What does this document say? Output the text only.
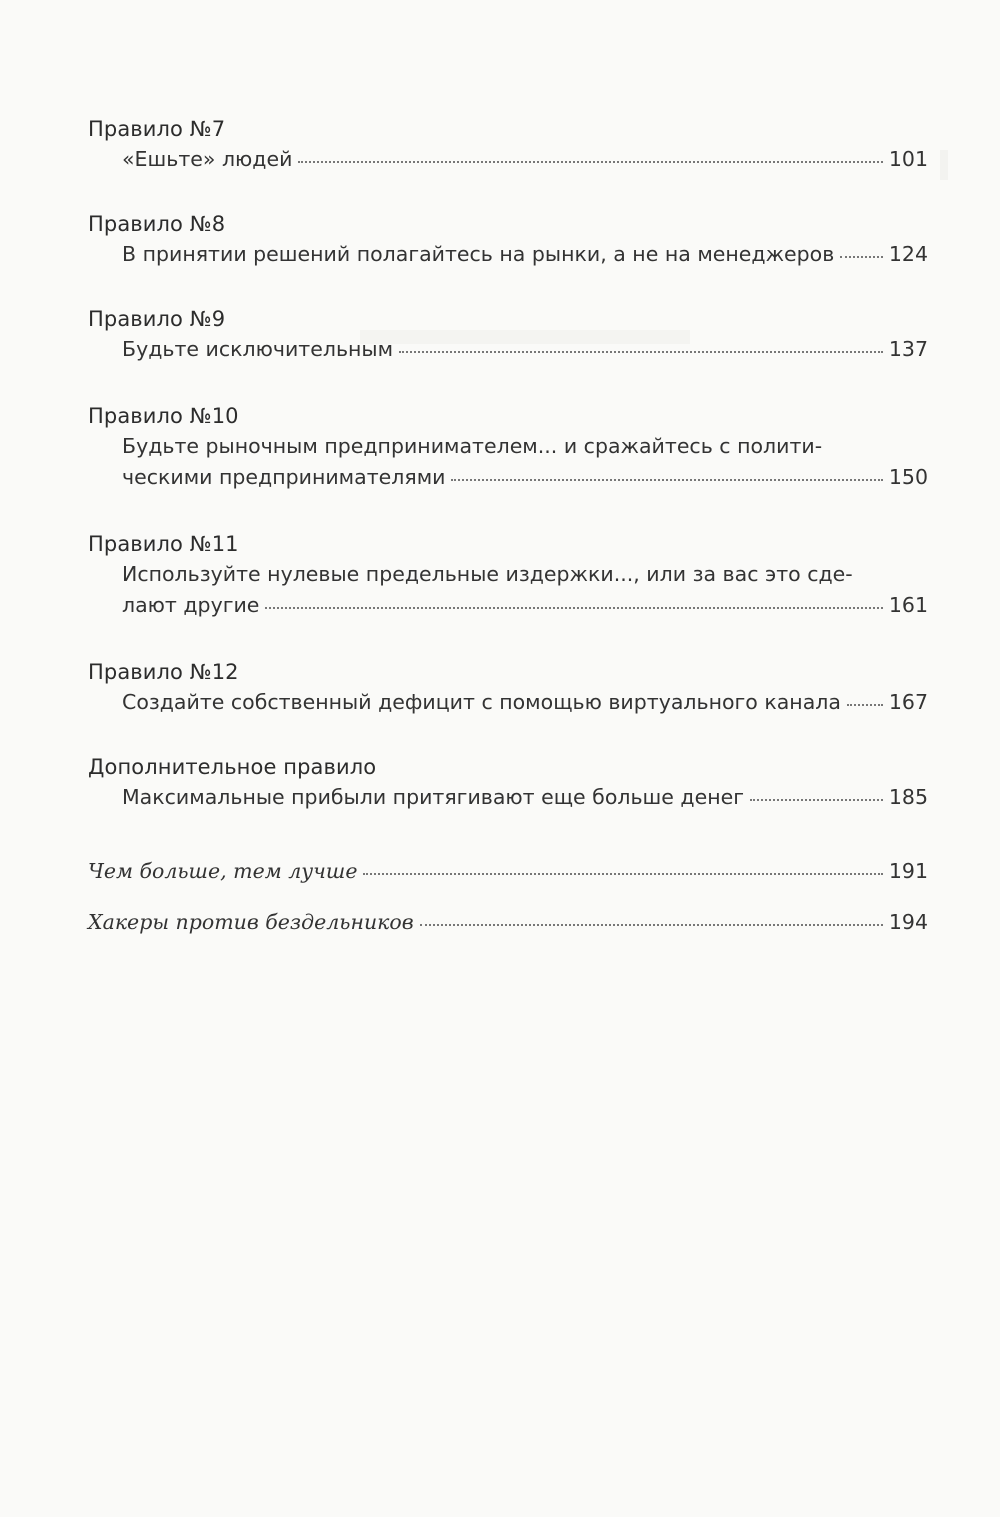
Правило №7
«Ешьте» людей	101
Правило №8
В принятии решений полагайтесь на рынки, а не на менеджеров	124
Правило №9
Будьте исключительным	137
Правило №10
Будьте рыночным предпринимателем... и сражайтесь с полити-
ческими предпринимателями	150
Правило №11
Используйте нулевые предельные издержки..., или за вас это сде-
лают другие	161
Правило №12
Создайте собственный дефицит с помощью виртуального канала 167
Дополнительное правило
Максимальные прибыли притягивают еще больше денег	185
Чем больше, тем лучше	191
Хакеры против бездельников	194
